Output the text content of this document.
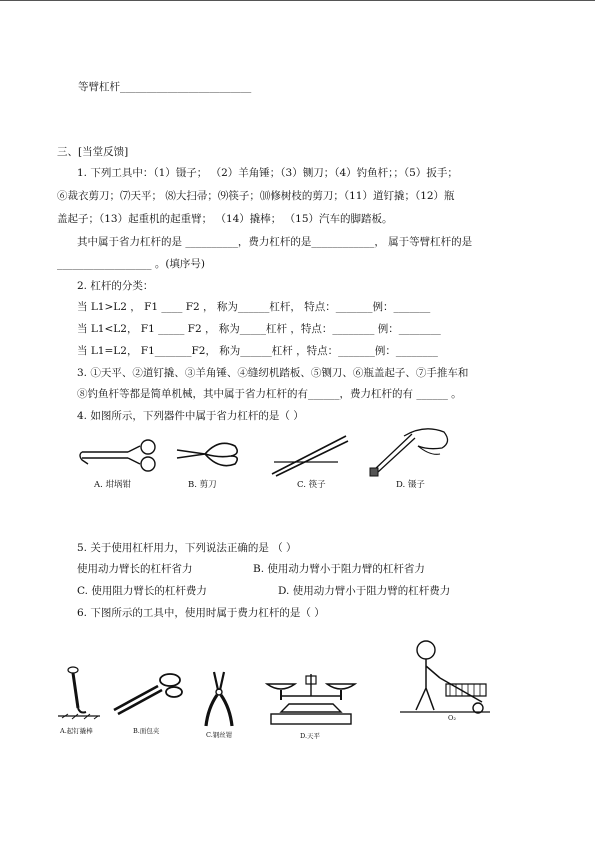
等臂杠杆_________________________
三、[当堂反馈]
1. 下列工具中：（1）镊子； （2）羊角锤；（3）铡刀；（4）钓鱼杆；；（5）扳手；
⑥裁衣剪刀；⑺天平； ⑻大扫帚；⑼筷子；⑽修树枝的剪刀；（11）道钉撬；（12）瓶
盖起子；（13）起重机的起重臂； （14）撬棒； （15）汽车的脚踏板。
其中属于省力杠杆的是 __________，费力杠杆的是____________， 属于等臂杠杆的是
__________________ 。(填序号)
2. 杠杆的分类：
当 L1>L2 ， F1 ____ F2 ， 称为______杠杆， 特点：_______例：_______
当 L1<L2， F1 _____ F2 ， 称为_____杠杆 ，特点：________ 例：________
当 L1=L2， F1_______F2， 称为______杠杆 ，特点：_______例：________
3. ①天平、②道钉撬、③羊角锤、④缝纫机踏板、⑤铡刀、⑥瓶盖起子、⑦手推车和
⑧钓鱼杆等都是简单机械，其中属于省力杠杆的有______，费力杠杆的有 ______ 。
4. 如图所示，下列器件中属于省力杠杆的是（ ）
A. 坩埚钳	B. 剪刀	C. 筷子	D. 镊子
5. 关于使用杠杆用力，下列说法正确的是 （ ）
使用动力臂长的杠杆省力	B. 使用动力臂小于阻力臂的杠杆省力
C. 使用阻力臂长的杠杆费力	D. 使用动力臂小于阻力臂的杠杆费力
6. 下图所示的工具中，使用时属于费力杠杆的是（ ）
A.起钉撬棒	B.面包夹	C.钢丝钳	D.天平
O₂
